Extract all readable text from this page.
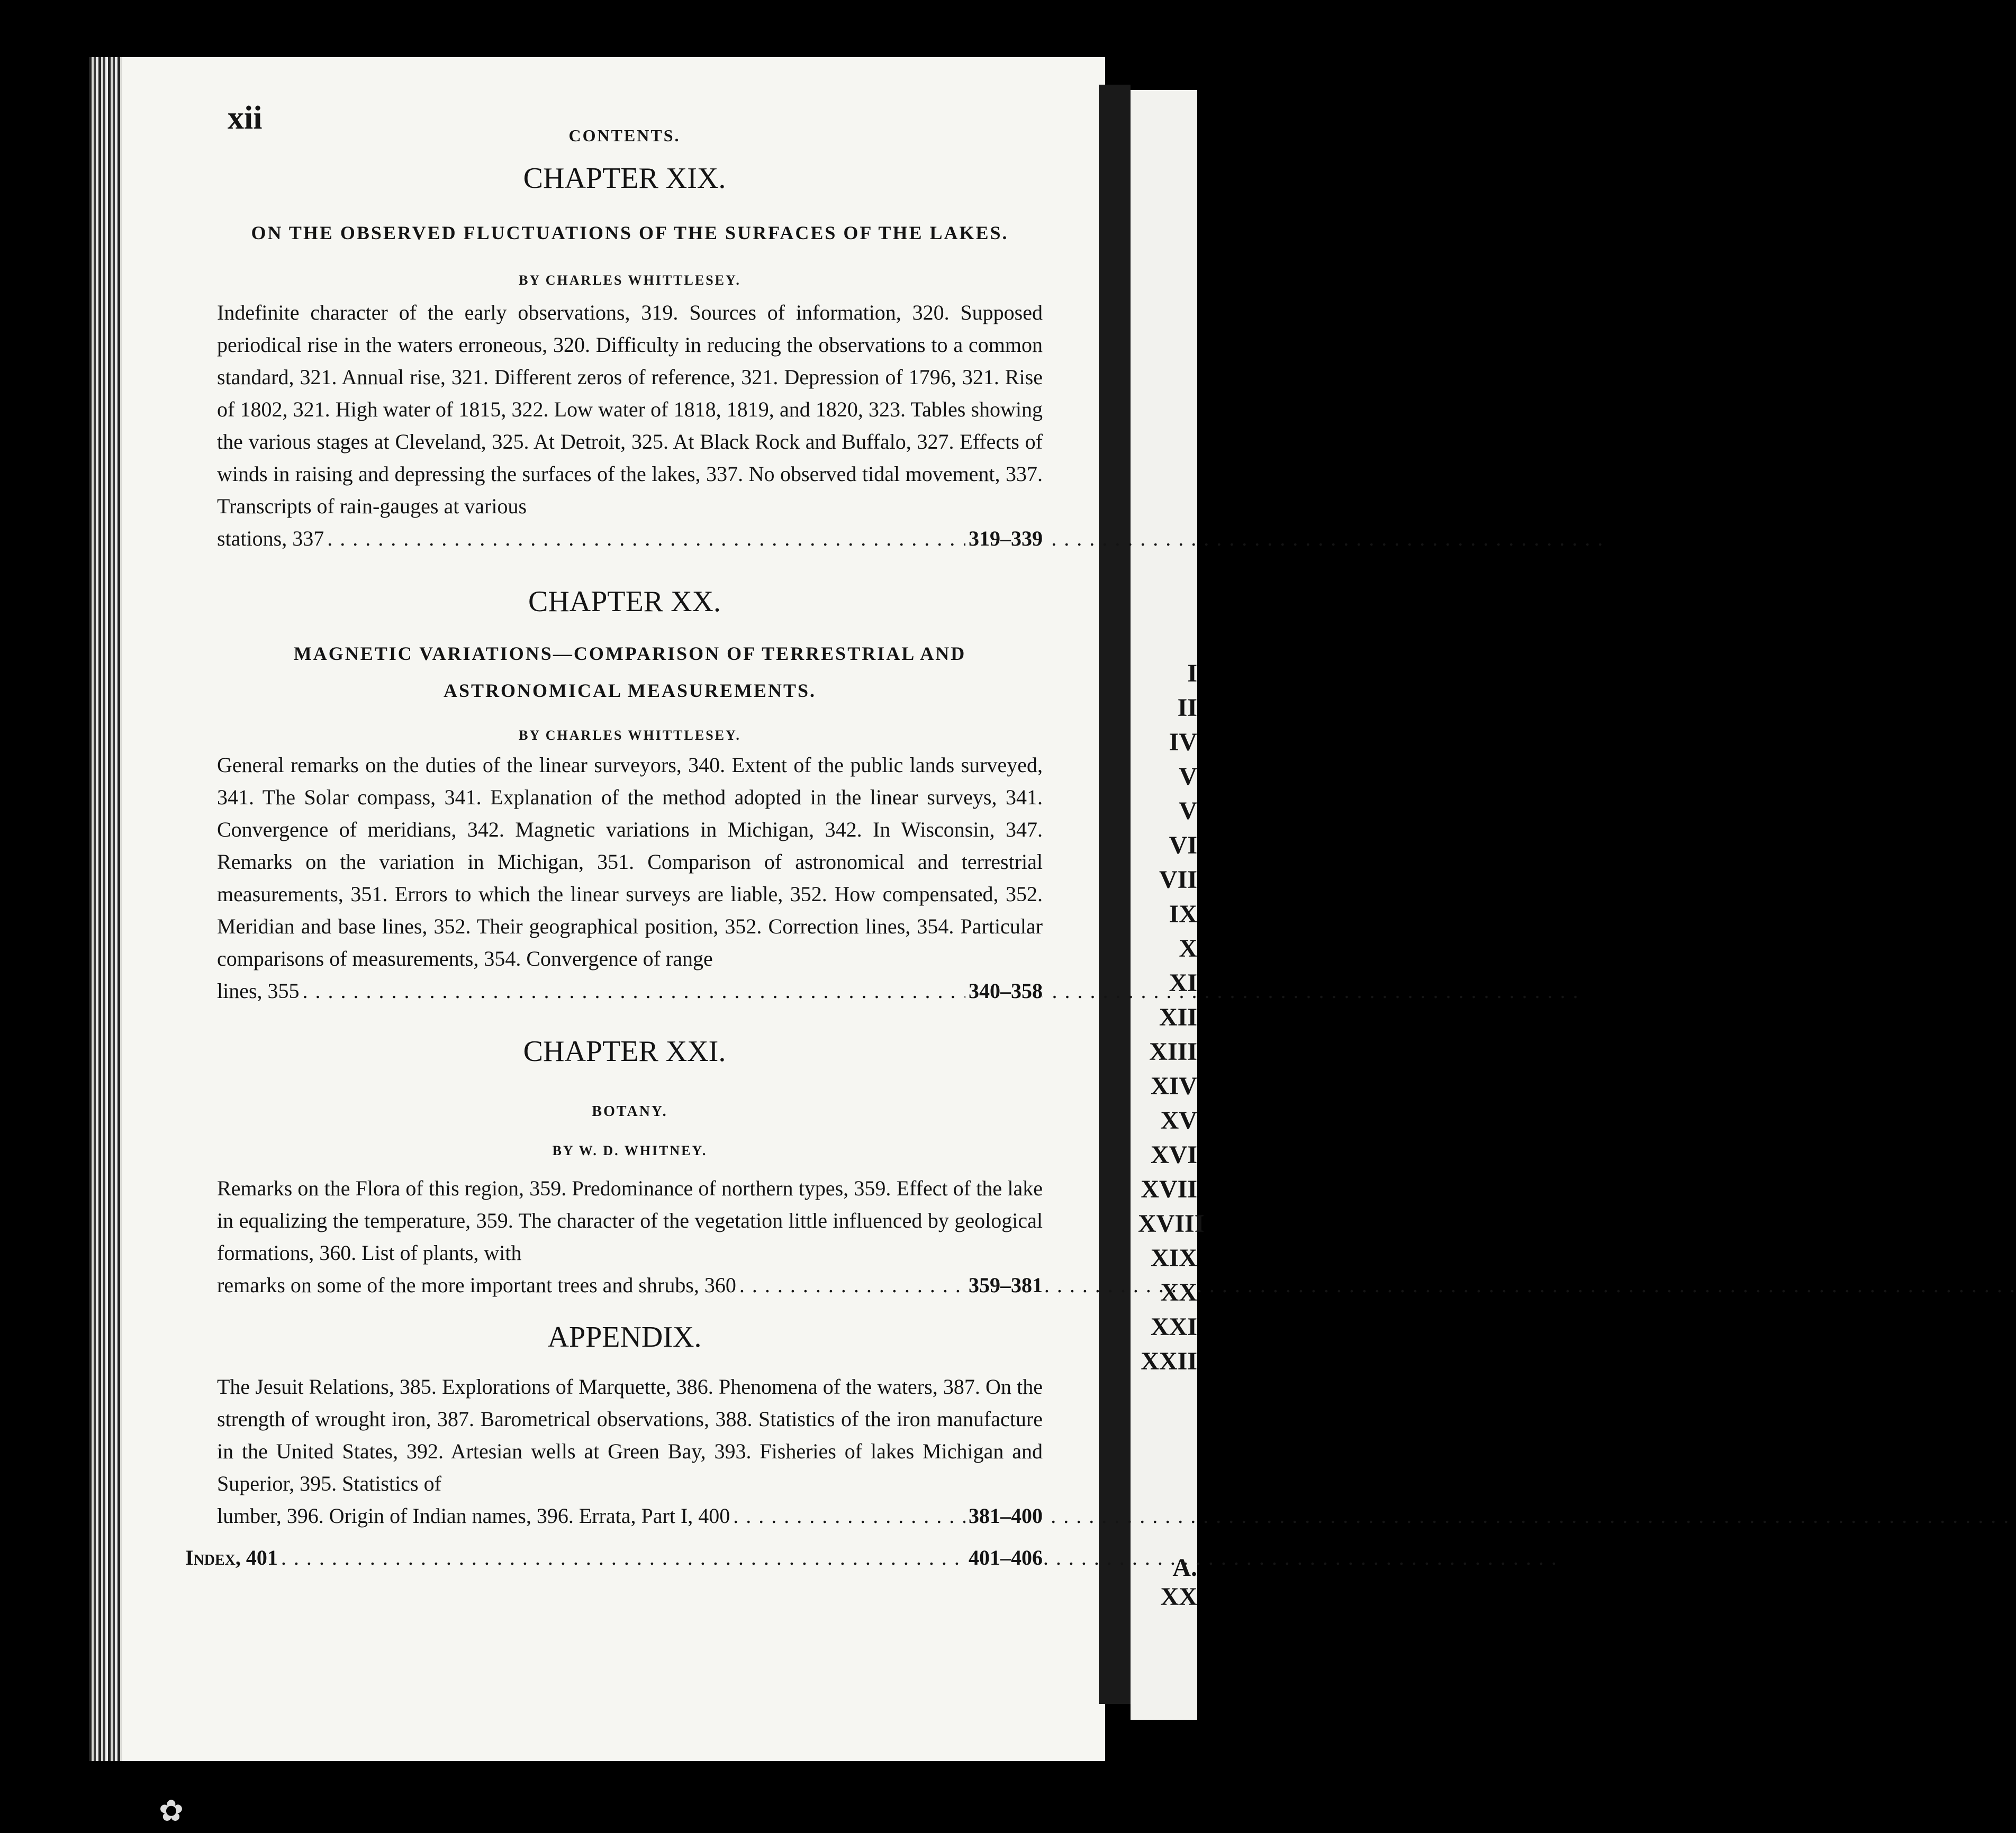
xii	CONTENTS.
CHAPTER XIX.
ON THE OBSERVED FLUCTUATIONS OF THE SURFACES OF THE LAKES.
BY CHARLES WHITTLESEY.
Indefinite character of the early observations, 319. Sources of information, 320. Supposed periodical rise in the waters erroneous, 320. Difficulty in reducing the observations to a common standard, 321. Annual rise, 321. Different zeros of reference, 321. Depression of 1796, 321. Rise of 1802, 321. High water of 1815, 322. Low water of 1818, 1819, and 1820, 323. Tables showing the various stages at Cleveland, 325. At Detroit, 325. At Black Rock and Buffalo, 327. Effects of winds in raising and depressing the surfaces of the lakes, 337. No observed tidal movement, 337. Transcripts of rain-gauges at various
stations, 337	319–339
. . .
CHAPTER XX.
MAGNETIC VARIATIONS—COMPARISON OF TERRESTRIAL AND ASTRONOMICAL MEASUREMENTS.
BY CHARLES WHITTLESEY.
General remarks on the duties of the linear surveyors, 340. Extent of the public lands surveyed, 341. The Solar compass, 341. Explanation of the method adopted in the linear surveys, 341. Convergence of meridians, 342. Magnetic variations in Michigan, 342. In Wisconsin, 347. Remarks on the variation in Michigan, 351. Comparison of astronomical and terrestrial measurements, 351. Errors to which the linear surveys are liable, 352. How compensated, 352. Meridian and base lines, 352. Their geographical position, 352. Correction lines, 354. Particular comparisons of measurements, 354. Convergence of range
lines, 355	340–358
. . .
CHAPTER XXI.
BOTANY.
BY W. D. WHITNEY.
Remarks on the Flora of this region, 359. Predominance of northern types, 359. Effect of the lake in equalizing the temperature, 359. The character of the vegetation little influenced by geological formations, 360. List of plants, with
remarks on some of the more important trees and shrubs, 360	359–381
. . .
APPENDIX.
The Jesuit Relations, 385. Explorations of Marquette, 386. Phenomena of the waters, 387. On the strength of wrought iron, 387. Barometrical observations, 388. Statistics of the iron manufacture in the United States, 392. Artesian wells at Green Bay, 393. Fisheries of lakes Michigan and Superior, 395. Statistics of
lumber, 396. Origin of Indian names, 396. Errata, Part I, 400	381–400
. . .
Index, 401	401–406
. . .
I
II
IV
V
V
VI
VII
IX
X
XI
XII
XIII
XIV
XV
XVI
XVII
XVIII
XIX
XX
XXI
XXII
A. XX
✿
